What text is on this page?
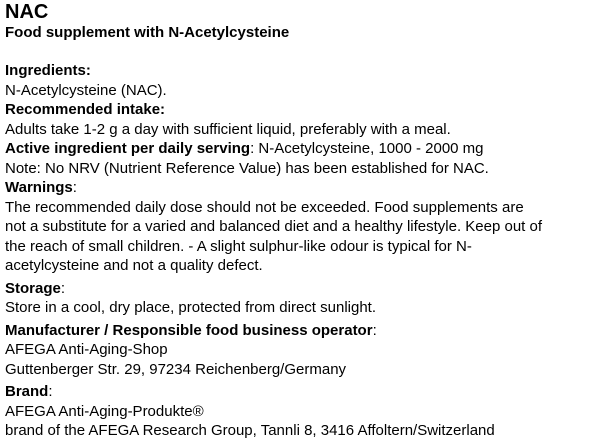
NAC
Food supplement with N-Acetylcysteine
Ingredients:
N-Acetylcysteine (NAC).
Recommended intake:
Adults take 1-2 g a day with sufficient liquid, preferably with a meal.
Active ingredient per daily serving: N-Acetylcysteine, 1000 - 2000 mg
Note: No NRV (Nutrient Reference Value) has been established for NAC.
Warnings:
The recommended daily dose should not be exceeded. Food supplements are
not a substitute for a varied and balanced diet and a healthy lifestyle. Keep out of
the reach of small children. - A slight sulphur-like odour is typical for N-
acetylcysteine and not a quality defect.
Storage:
Store in a cool, dry place, protected from direct sunlight.
Manufacturer / Responsible food business operator:
AFEGA Anti-Aging-Shop
Guttenberger Str. 29, 97234 Reichenberg/Germany
Brand:
AFEGA Anti-Aging-Produkte®
brand of the AFEGA Research Group, Tannli 8, 3416 Affoltern/Switzerland
